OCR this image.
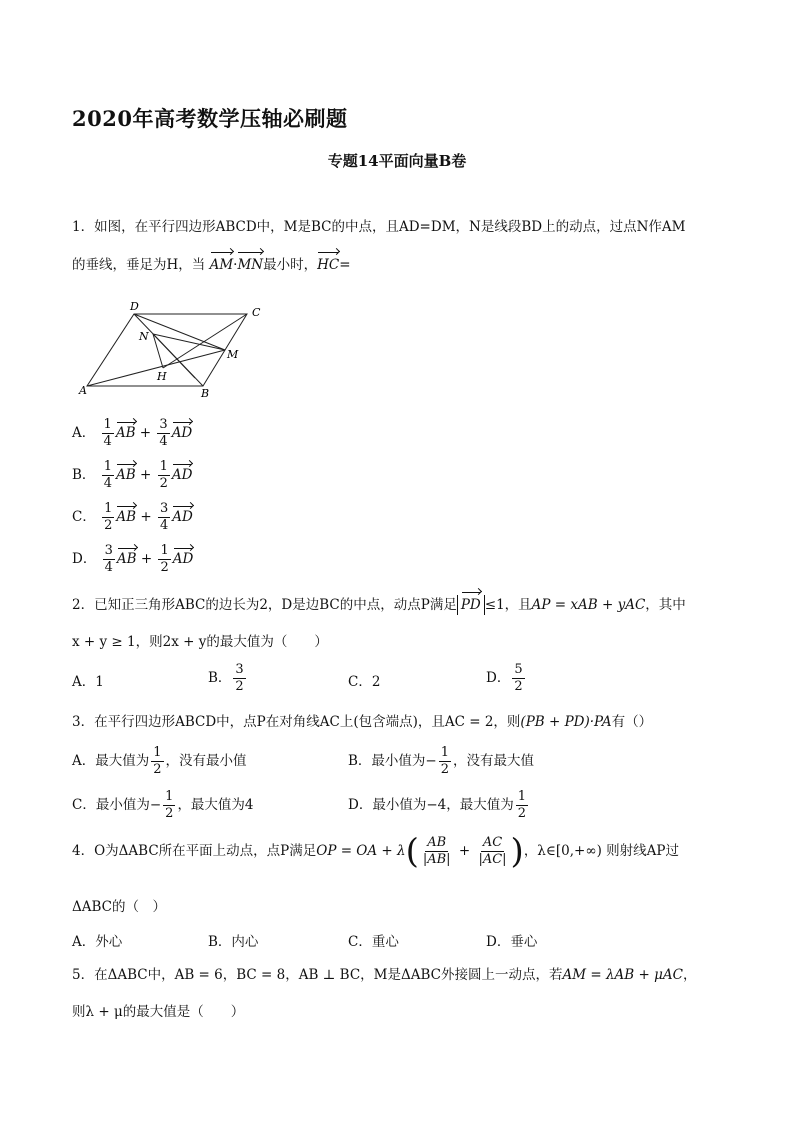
2020年高考数学压轴必刷题
专题14平面向量B卷
1．如图，在平行四边形ABCD中，M是BC的中点，且AD=DM，N是线段BD上的动点，过点N作AM
的垂线，垂足为H，当 AM·MN最小时，HC=
A	B
C
D
M
N
H
A． $\frac{1}{4}$ AB + $\frac{3}{4}$ AD
B． $\frac{1}{4}$ AB + $\frac{1}{2}$ AD
C． $\frac{1}{2}$ AB + $\frac{3}{4}$ AD
D． $\frac{3}{4}$ AB + $\frac{1}{2}$ AD
2．已知正三角形ABC的边长为2，D是边BC的中点，动点P满足 PD ≤1，且AP = xAB + yAC，其中
x + y ≥ 1，则2x + y的最大值为（　　）
A．1	B． $\frac{3}{2}$	C．2	D． $\frac{5}{2}$
3．在平行四边形ABCD中，点P在对角线AC上(包含端点)，且AC = 2，则(PB + PD)·PA有（）
A．最大值为 $\frac{1}{2}$ ，没有最小值	B．最小值为− $\frac{1}{2}$ ，没有最大值
C．最小值为− $\frac{1}{2}$ ，最大值为4	D．最小值为−4，最大值为 $\frac{1}{2}$
4．O为ΔABC所在平面上动点，点P满足OP = OA + $\lambda( \frac{AB}{|AB|} + \frac{AC}{|AC|}$ )，λ∈[0,+∞) 则射线AP过
ΔABC的（　）
A．外心	B．内心	C．重心	D．垂心
5．在ΔABC中，AB = 6，BC = 8，AB ⊥ BC，M是ΔABC外接圆上一动点，若AM = λAB + μAC，
则λ + μ的最大值是（　　）
